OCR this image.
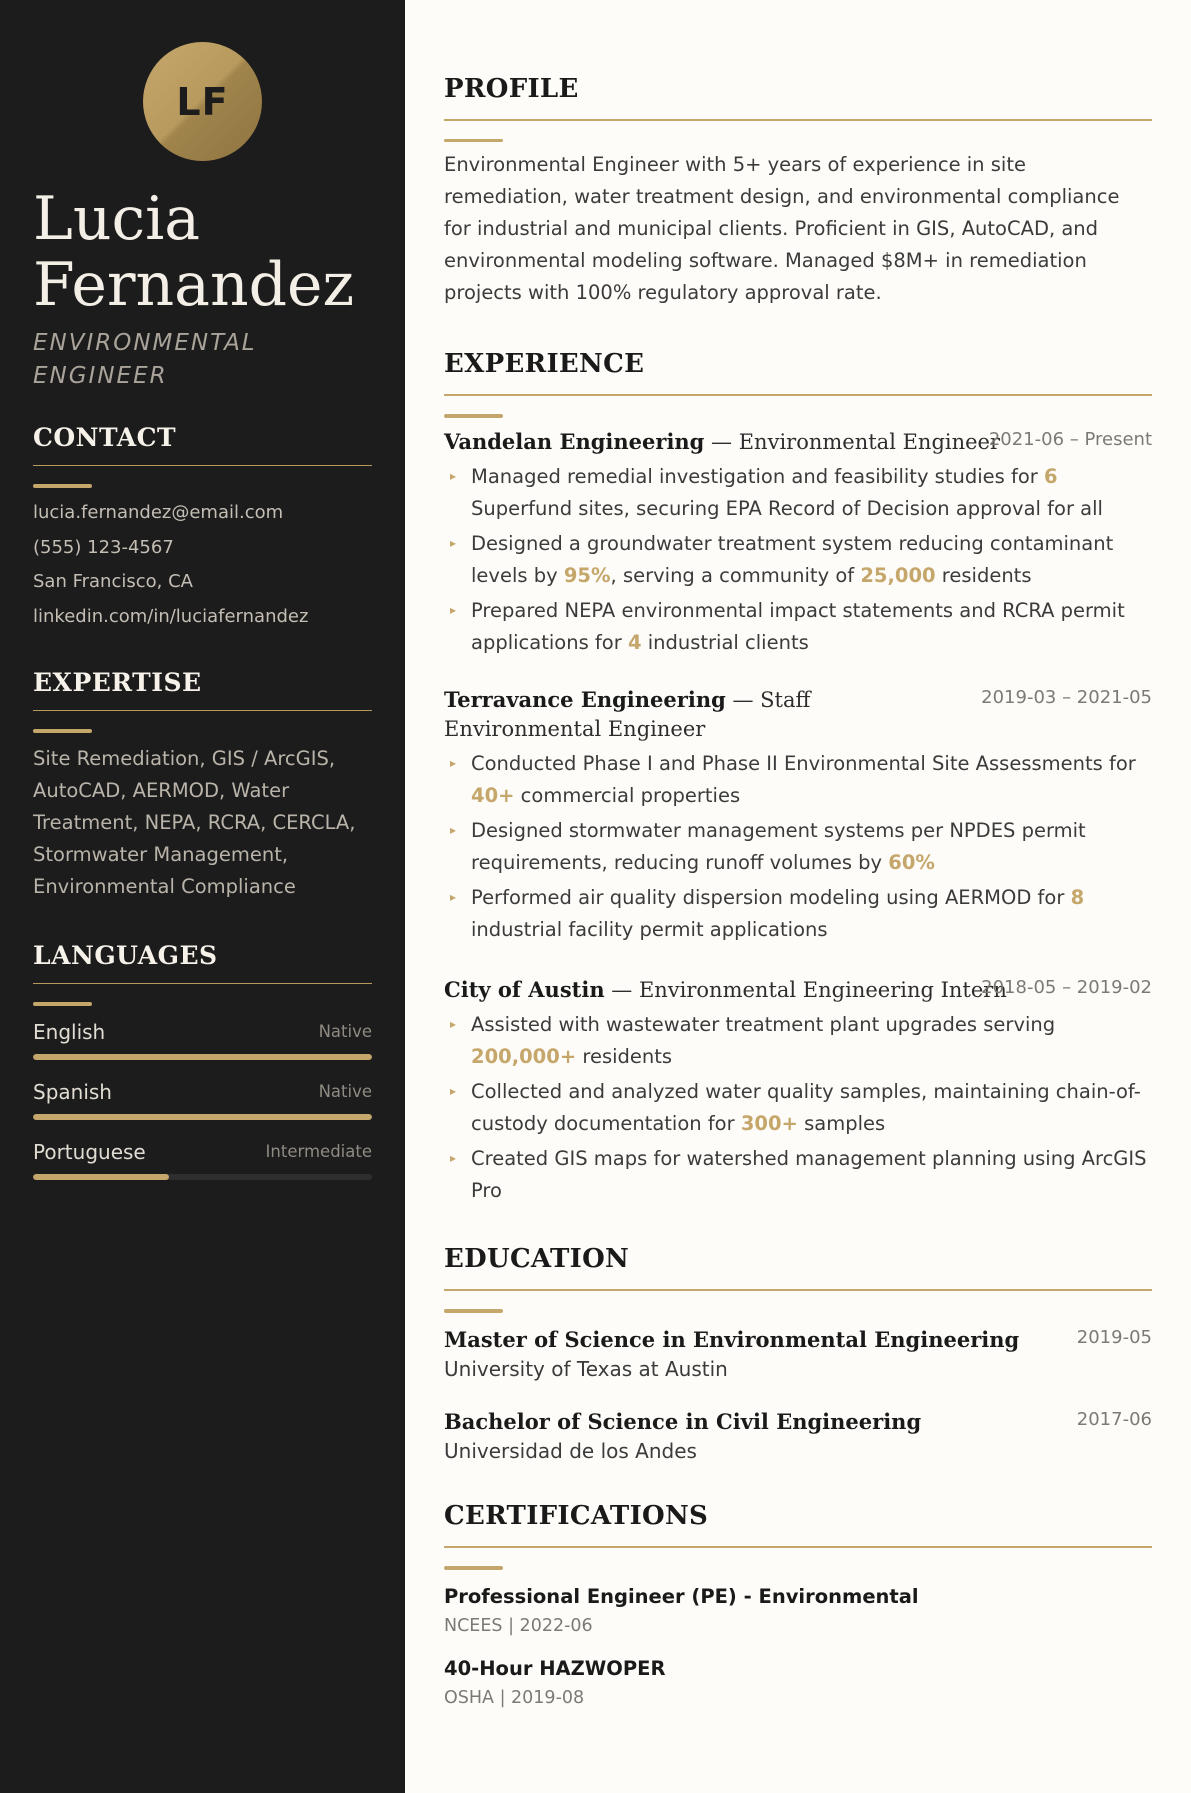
LF
Lucia
Fernandez
ENVIRONMENTAL
ENGINEER
CONTACT
lucia.fernandez@email.com
(555) 123-4567
San Francisco, CA
linkedin.com/in/luciafernandez
EXPERTISE
Site Remediation, GIS / ArcGIS, AutoCAD, AERMOD, Water Treatment, NEPA, RCRA, CERCLA, Stormwater Management, Environmental Compliance
LANGUAGES
English	Native
Spanish	Native
Portuguese	Intermediate
PROFILE
Environmental Engineer with 5+ years of experience in site remediation, water treatment design, and environmental compliance for industrial and municipal clients. Proficient in GIS, AutoCAD, and environmental modeling software. Managed $8M+ in remediation projects with 100% regulatory approval rate.
EXPERIENCE
Vandelan Engineering — Environmental Engineer
2021-06 – Present
▸ Managed remedial investigation and feasibility studies for 6 Superfund sites, securing EPA Record of Decision approval for all
▸ Designed a groundwater treatment system reducing contaminant levels by 95%, serving a community of 25,000 residents
▸ Prepared NEPA environmental impact statements and RCRA permit applications for 4 industrial clients
Terravance Engineering — Staff Environmental Engineer
2019-03 – 2021-05
▸ Conducted Phase I and Phase II Environmental Site Assessments for 40+ commercial properties
▸ Designed stormwater management systems per NPDES permit requirements, reducing runoff volumes by 60%
▸ Performed air quality dispersion modeling using AERMOD for 8 industrial facility permit applications
City of Austin — Environmental Engineering Intern
2018-05 – 2019-02
▸ Assisted with wastewater treatment plant upgrades serving 200,000+ residents
▸ Collected and analyzed water quality samples, maintaining chain-of-custody documentation for 300+ samples
▸ Created GIS maps for watershed management planning using ArcGIS Pro
EDUCATION
Master of Science in Environmental Engineering	2019-05
University of Texas at Austin
Bachelor of Science in Civil Engineering	2017-06
Universidad de los Andes
CERTIFICATIONS
Professional Engineer (PE) - Environmental
NCEES | 2022-06
40-Hour HAZWOPER
OSHA | 2019-08
